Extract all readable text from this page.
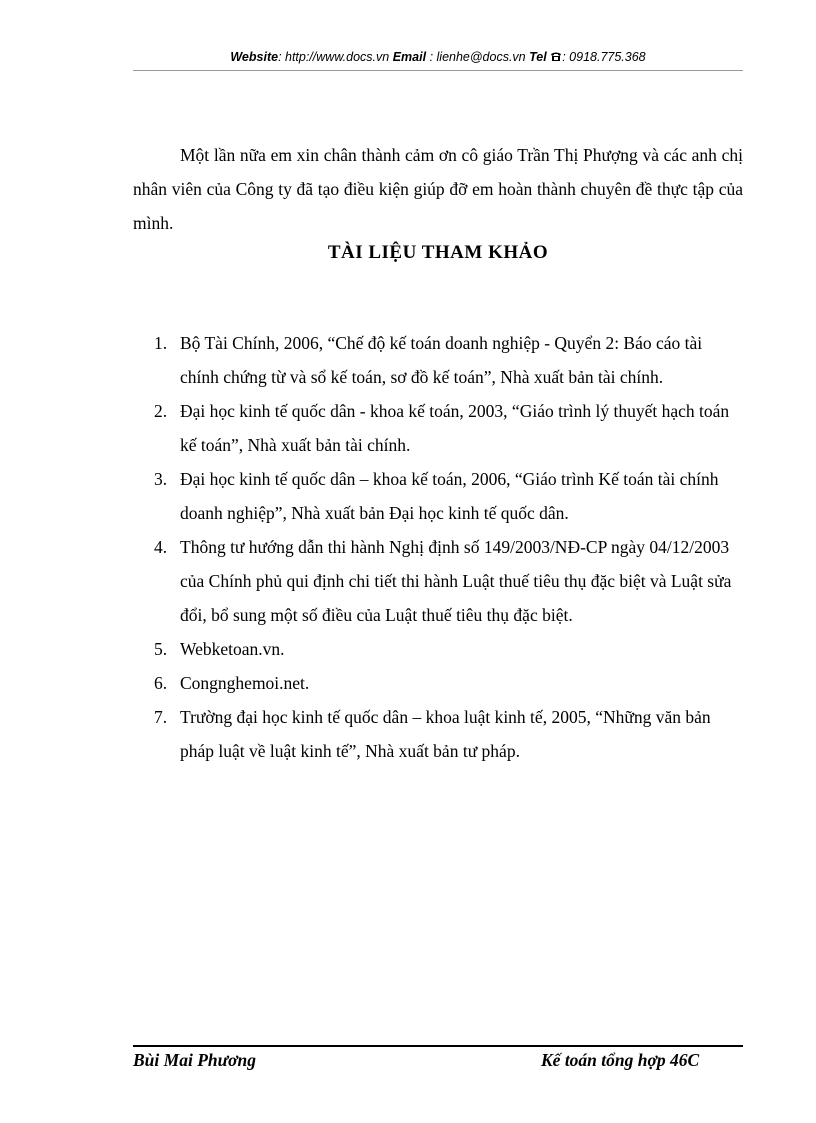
Website: http://www.docs.vn Email : lienhe@docs.vn Tel : 0918.775.368

Một lần nữa em xin chân thành cảm ơn cô giáo Trần Thị Phượng và các anh chị nhân viên của Công ty đã tạo điều kiện giúp đỡ em hoàn thành chuyên đề thực tập của mình.

TÀI LIỆU THAM KHẢO
1. Bộ Tài Chính, 2006, “Chế độ kế toán doanh nghiệp - Quyển 2: Báo cáo tài chính chứng từ và sổ kế toán, sơ đồ kế toán”, Nhà xuất bản tài chính.
2. Đại học kinh tế quốc dân - khoa kế toán, 2003, “Giáo trình lý thuyết hạch toán kế toán”, Nhà xuất bản tài chính.
3. Đại học kinh tế quốc dân – khoa kế toán, 2006, “Giáo trình Kế toán tài chính doanh nghiệp”, Nhà xuất bản Đại học kinh tế quốc dân.
4. Thông tư hướng dẫn thi hành Nghị định số 149/2003/NĐ-CP ngày 04/12/2003 của Chính phủ qui định chi tiết thi hành Luật thuế tiêu thụ đặc biệt và Luật sửa đổi, bổ sung một số điều của Luật thuế tiêu thụ đặc biệt.
5. Webketoan.vn.
6. Congnghemoi.net.
7. Trường đại học kinh tế quốc dân – khoa luật kinh tế, 2005, “Những văn bản pháp luật về luật kinh tế”, Nhà xuất bản tư pháp.
Bùi Mai Phương	Kế toán tổng hợp 46C
